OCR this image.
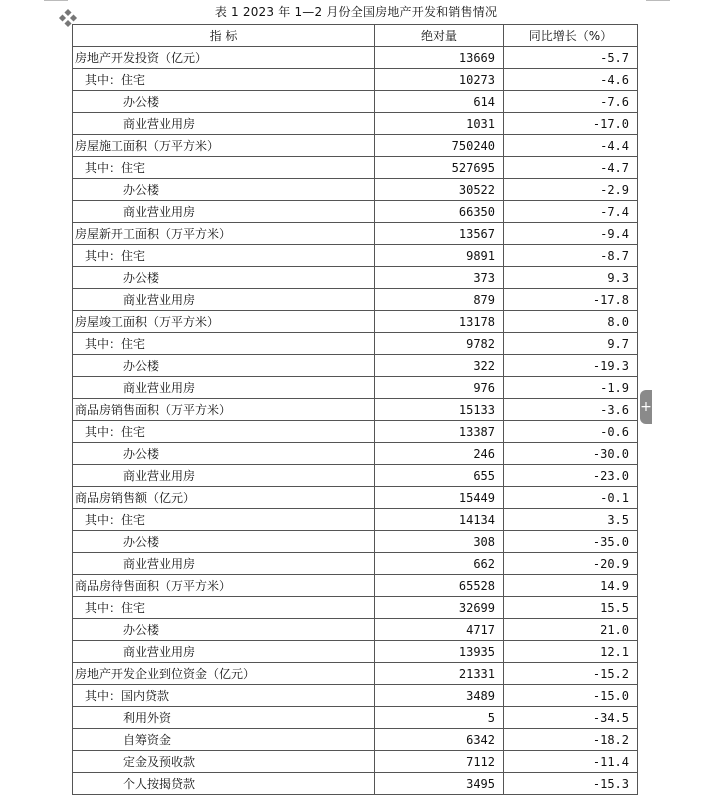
表 1 2023 年 1—2 月份全国房地产开发和销售情况
指 标	绝对量	同比增长（%）
房地产开发投资（亿元）	13669	-5.7
其中：住宅	10273	-4.6
办公楼	614	-7.6
商业营业用房	1031	-17.0
房屋施工面积（万平方米）	750240	-4.4
其中：住宅	527695	-4.7
办公楼	30522	-2.9
商业营业用房	66350	-7.4
房屋新开工面积（万平方米）	13567	-9.4
其中：住宅	9891	-8.7
办公楼	373	9.3
商业营业用房	879	-17.8
房屋竣工面积（万平方米）	13178	8.0
其中：住宅	9782	9.7
办公楼	322	-19.3
商业营业用房	976	-1.9
商品房销售面积（万平方米）	15133	-3.6
其中：住宅	13387	-0.6
办公楼	246	-30.0
商业营业用房	655	-23.0
商品房销售额（亿元）	15449	-0.1
其中：住宅	14134	3.5
办公楼	308	-35.0
商业营业用房	662	-20.9
商品房待售面积（万平方米）	65528	14.9
其中：住宅	32699	15.5
办公楼	4717	21.0
商业营业用房	13935	12.1
房地产开发企业到位资金（亿元）	21331	-15.2
其中：国内贷款	3489	-15.0
利用外资	5	-34.5
自筹资金	6342	-18.2
定金及预收款	7112	-11.4
个人按揭贷款	3495	-15.3
+
